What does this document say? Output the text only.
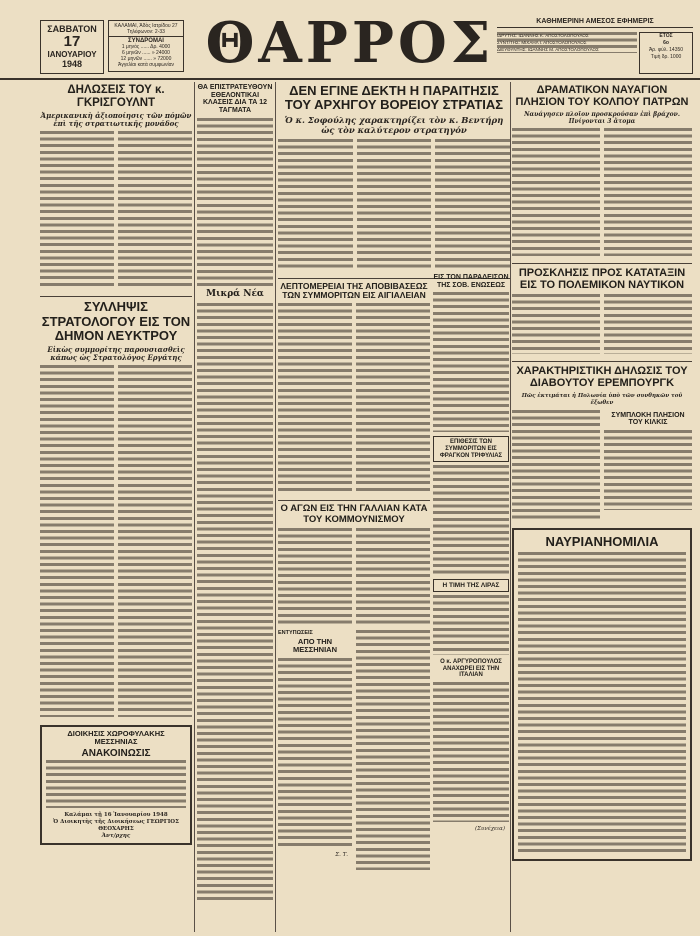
ΣΑΒΒΑΤΟΝ
17
ΙΑΝΟΥΑΡΙΟΥ
1948
ΚΑΛΑΜΑΙ, Ἀδὸς Ιατρίδου 27 Τηλέφωνον: 2-33
ΣΥΝΔΡΟΜΑΙ
1 μηνὸς ...... Δρ. 4000
6 μηνῶν ...... » 24000
12 μηνῶν ...... » 72000
Ἀγγελίαι κατὰ συμφωνίαν ΘΑΡΡΟΣ	ΚΑΘΗΜΕΡΙΝΗ ΑΜΕΣΟΣ ΕΦΗΜΕΡΙΣ
ΙΔΡΥΤΗΣ: ΙΩΑΝΝΗΣ Κ. ΑΠΟΣΤΟΛΟΠΟΥΛΟΣ
ΣΥΝΤ/ΤΗΣ: ΜΙΧΑΗΛ Ι. ΑΠΟΣΤΟΛΟΠΟΥΛΟΣ
ΔΙΕΥΘΥΝΤΗΣ: ΙΩΑΝΝΗΣ Μ. ΑΠΟΣΤΟΛΟΠΟΥΛΟΣ
ΕΤΟΣ
6ο
Ἀρ. φύλ. 14350
Τιμὴ δρ. 1000
ΔΗΛΩΣΕΙΣ ΤΟΥ κ. ΓΚΡΙΣΓΟΥΛΝΤ
Ἀμερικανικὴ ἀξιοποίησις τῶν πόμῶν ἐπὶ τῆς στρατιωτικῆς μονάδος
ΣΥΛΛΗΨΙΣ ΣΤΡΑΤΟΛΟΓΟΥ ΕΙΣ ΤΟΝ ΔΗΜΟΝ ΛΕΥΚΤΡΟΥ
Εἰκὼς συμμορίτης παρουσιασθεὶς κάπως ὡς Στρατολόγος Εργάτης
ΔΙΟΙΚΗΣΙΣ ΧΩΡΟΦΥΛΑΚΗΣ ΜΕΣΣΗΝΙΑΣ
ΑΝΑΚΟΙΝΩΣΙΣ
Καλάμαι τῇ 16 Ἰανουαρίου 1948
Ὁ Διοικητὴς τῆς Διοικήσεως ΓΕΩΡΓΙΟΣ ΘΕΟΧΑΡΗΣ
Ἀντ/ρχης
ΘΑ ΕΠΙΣΤΡΑΤΕΥΘΟΥΝ ΕΘΕΛΟΝΤΙΚΑΙ ΚΛΑΣΕΙΣ ΔΙΑ ΤΑ 12 ΤΑΓΜΑΤΑ
Μικρά Νέα
ΔΕΝ ΕΓΙΝΕ ΔΕΚΤΗ Η ΠΑΡΑΙΤΗΣΙΣ ΤΟΥ ΑΡΧΗΓΟΥ ΒΟΡΕΙΟΥ ΣΤΡΑΤΙΑΣ
Ὁ κ. Σοφούλης χαρακτηρίζει τὸν κ. Βεντήρη ὡς τὸν καλύτερον στρατηγόν
ΛΕΠΤΟΜΕΡΕΙΑΙ ΤΗΣ ΑΠΟΒΙΒΑΣΕΩΣ ΤΩΝ ΣΥΜΜΟΡΙΤΩΝ ΕΙΣ ΑΙΓΙΑΛΕΙΑΝ
Ο ΑΓΩΝ ΕΙΣ ΤΗΝ ΓΑΛΛΙΑΝ ΚΑΤΑ ΤΟΥ ΚΟΜΜΟΥΝΙΣΜΟΥ
ΕΝΤΥΠΩΣΕΙΣ
ΑΠΟ ΤΗΝ ΜΕΣΣΗΝΙΑΝ
Σ. Τ.
ΕΙΣ ΤΟΝ ΠΑΡΑΔΕΙΣΟΝ ΤΗΣ ΣΟΒ. ΕΝΩΣΕΩΣ
ΕΠΙΘΕΣΙΣ ΤΩΝ ΣΥΜΜΟΡΙΤΩΝ ΕΙΣ ΦΡΑΓΚΟΝ ΤΡΙΦΥΛΙΑΣ
Η ΤΙΜΗ ΤΗΣ ΛΙΡΑΣ
Ο κ. ΑΡΓΥΡΟΠΟΥΛΟΣ ΑΝΑΧΩΡΕΙ ΕΙΣ ΤΗΝ ΙΤΑΛΙΑΝ
(Συνέχεια)
ΔΡΑΜΑΤΙΚΟΝ ΝΑΥΑΓΙΟΝ ΠΛΗΣΙΟΝ ΤΟΥ ΚΟΛΠΟΥ ΠΑΤΡΩΝ
Ναυάγησεν πλοῖον προσκρούσαν ἐπὶ βράχον. Πνίγονται 3 ἄτομα
ΠΡΟΣΚΛΗΣΙΣ ΠΡΟΣ ΚΑΤΑΤΑΞΙΝ ΕΙΣ ΤΟ ΠΟΛΕΜΙΚΟΝ ΝΑΥΤΙΚΟΝ
ΧΑΡΑΚΤΗΡΙΣΤΙΚΗ ΔΗΛΩΣΙΣ ΤΟΥ ΔΙΑΒΟΥΤΟΥ ΕΡΕΜΠΟΥΡΓΚ
Πῶς ἐκτιμάται ἡ Πολωνία ὑπὸ τῶν συνθηκῶν τοῦ ἔξωθεν
ΣΥΜΠΛΟΚΗ ΠΛΗΣΙΟΝ ΤΟΥ ΚΙΛΚΙΣ
ΝΑΥΡΙΑΝΗΟΜΙΛΙΑ
